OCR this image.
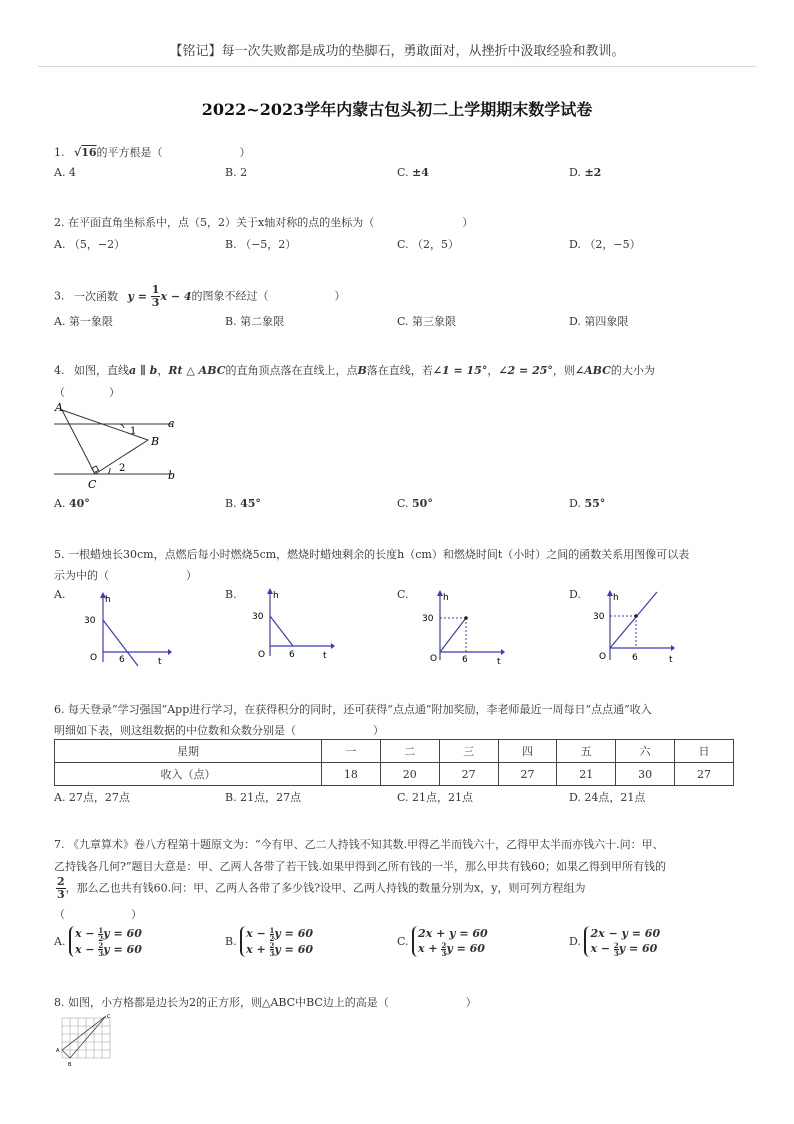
【铭记】每一次失败都是成功的垫脚石，勇敢面对，从挫折中汲取经验和教训。
2022~2023学年内蒙古包头初二上学期期末数学试卷
1. √16的平方根是（　　　　　　　）
A. 4	B. 2	C. ±4	D. ±2
2. 在平面直角坐标系中，点（5，2）关于x轴对称的点的坐标为（　　　　　　　　）
A. （5，−2）	B. （−5，2）	C. （2，5）	D. （2，−5）
3. 一次函数 $y = \frac{1}{3}$ x − 4的图象不经过（　　　　　　）
A. 第一象限	B. 第二象限	C. 第三象限	D. 第四象限
4. 如图，直线a ∥ b，Rt △ ABC的直角顶点落在直线上，点B落在直线，若∠1 = 15°，∠2 = 25°，则∠ABC的大小为
（　　　　）
A
B
C
a
b
1
2
A. 40°	B. 45°	C. 50°	D. 55°
5. 一根蜡烛长30cm，点燃后每小时燃烧5cm，燃烧时蜡烛剩余的长度h（cm）和燃烧时间t（小时）之间的函数关系用图像可以表
示为中的（　　　　　　　）
A.	h
30
O 6	t
B.	h
30
O	6	t
C.	h
30
O	6	t
D.	h
30
O	6	t
6. 每天登录“学习强国”App进行学习，在获得积分的同时，还可获得“点点通”附加奖励，李老师最近一周每日“点点通”收入
明细如下表，则这组数据的中位数和众数分别是（　　　　　　　）
星期	一	二	三	四	五	六	日
收入（点）	18	20	27	27	21	30	27
A. 27点，27点	B. 21点，27点	C. 21点，21点	D. 24点，21点
7. 《九章算术》卷八方程第十题原文为：“今有甲、乙二人持钱不知其数.甲得乙半而钱六十，乙得甲太半而亦钱六十.问：甲、
乙持钱各几何?”题目大意是：甲、乙两人各带了若干钱.如果甲得到乙所有钱的一半，那么甲共有钱60；如果乙得到甲所有钱的
$\frac{2}{3}$ ，那么乙也共有钱60.问：甲、乙两人各带了多少钱?设甲、乙两人持钱的数量分别为x，y，则可列方程组为
（　　　　　　）
A. $x - \frac{1}{2}$ y = 60
$x - \frac{2}{3}$ y = 60
B. $x - \frac{1}{2}$ y = 60
$x + \frac{2}{3}$ y = 60
C. 2x + y = 60
$x + \frac{2}{3}$ y = 60
D. 2x − y = 60
$x - \frac{2}{3}$ y = 60
8. 如图，小方格都是边长为2的正方形，则△ABC中BC边上的高是（　　　　　　　）
A
B
C
